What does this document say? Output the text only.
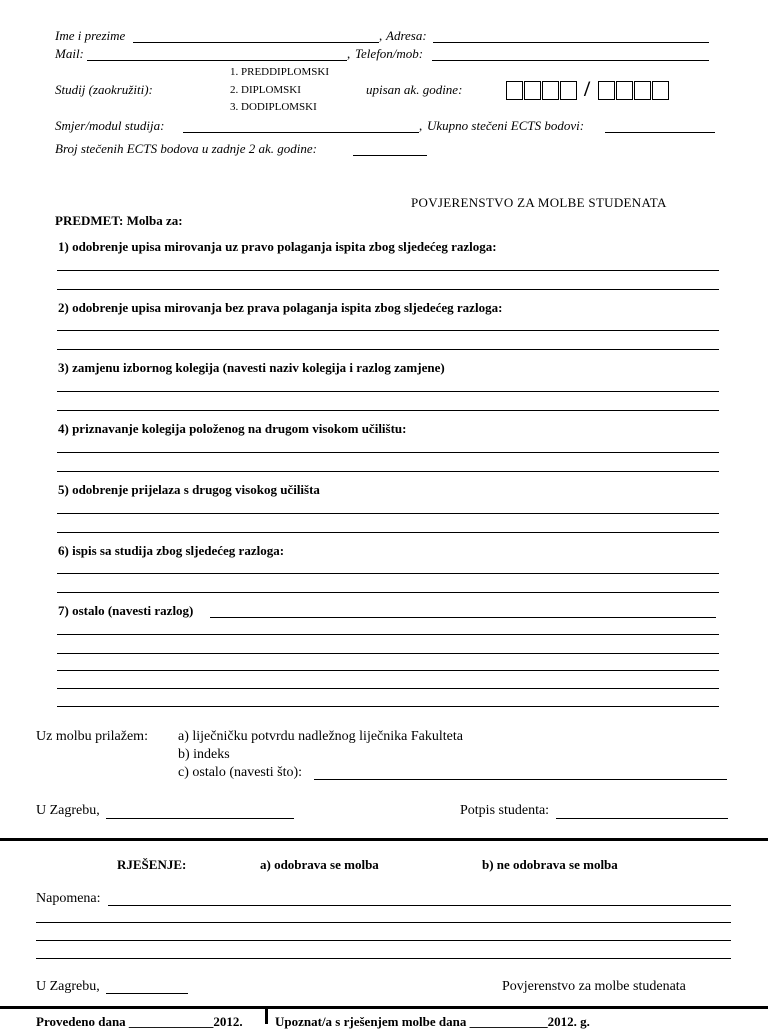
Ime i prezime	, Adresa:
Mail:	, Telefon/mob:
1. PREDDIPLOMSKI
Studij (zaokružiti):	2. DIPLOMSKI
3. DODIPLOMSKI
upisan ak. godine:	/
Smjer/modul studija:	, Ukupno stečeni ECTS bodovi:
Broj stečenih ECTS bodova u zadnje 2 ak. godine:
POVJERENSTVO ZA MOLBE STUDENATA
PREDMET: Molba za:
1) odobrenje upisa mirovanja uz pravo polaganja ispita zbog sljedećeg razloga:
2) odobrenje upisa mirovanja bez prava polaganja ispita zbog sljedećeg razloga:
3) zamjenu izbornog kolegija (navesti naziv kolegija i razlog zamjene)
4) priznavanje kolegija položenog na drugom visokom učilištu:
5) odobrenje prijelaza s drugog visokog učilišta
6) ispis sa studija zbog sljedećeg razloga:
7) ostalo (navesti razlog)
Uz molbu prilažem: a) liječničku potvrdu nadležnog liječnika Fakulteta
b) indeks
c) ostalo (navesti što):
U Zagrebu,	Potpis studenta:
RJEŠENJE:	a) odobrava se molba	b) ne odobrava se molba
Napomena:
U Zagrebu,	Povjerenstvo za molbe studenata
Provedeno dana _____________2012. Upoznat/a s rješenjem molbe dana ____________2012. g.
